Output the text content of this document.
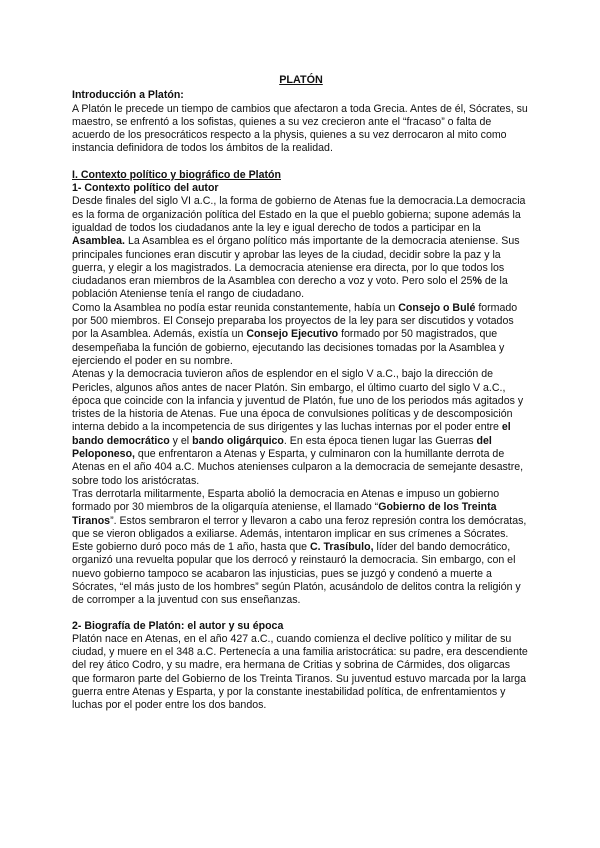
PLATÓN
Introducción a Platón:

A Platón le precede un tiempo de cambios que afectaron a toda Grecia. Antes de él, Sócrates, su maestro, se enfrentó a los sofistas, quienes a su vez crecieron ante el “fracaso” o falta de acuerdo de los presocráticos respecto a la physis, quienes a su vez derrocaron al mito como instancia definidora de todos los ámbitos de la realidad.

I. Contexto político y biográfico de Platón
1- Contexto político del autor

Desde finales del siglo VI a.C., la forma de gobierno de Atenas fue la democracia.La democracia es la forma de organización política del Estado en la que el pueblo gobierna; supone además la igualdad de todos los ciudadanos ante la ley e igual derecho de todos a participar en la Asamblea. La Asamblea es el órgano político más importante de la democracia ateniense. Sus principales funciones eran discutir y aprobar las leyes de la ciudad, decidir sobre la paz y la guerra, y elegir a los magistrados. La democracia ateniense era directa, por lo que todos los ciudadanos eran miembros de la Asamblea con derecho a voz y voto. Pero solo el 25% de la población Ateniense tenía el rango de ciudadano.

Como la Asamblea no podía estar reunida constantemente, había un Consejo o Bulé formado por 500 miembros. El Consejo preparaba los proyectos de la ley para ser discutidos y votados por la Asamblea. Además, existía un Consejo Ejecutivo formado por 50 magistrados, que desempeñaba la función de gobierno, ejecutando las decisiones tomadas por la Asamblea y ejerciendo el poder en su nombre.

Atenas y la democracia tuvieron años de esplendor en el siglo V a.C., bajo la dirección de Pericles, algunos años antes de nacer Platón. Sin embargo, el último cuarto del siglo V a.C., época que coincide con la infancia y juventud de Platón, fue uno de los periodos más agitados y tristes de la historia de Atenas. Fue una época de convulsiones políticas y de descomposición interna debido a la incompetencia de sus dirigentes y las luchas internas por el poder entre el bando democrático y el bando oligárquico. En esta época tienen lugar las Guerras del Peloponeso, que enfrentaron a Atenas y Esparta, y culminaron con la humillante derrota de Atenas en el año 404 a.C. Muchos atenienses culparon a la democracia de semejante desastre, sobre todo los aristócratas.

Tras derrotarla militarmente, Esparta abolió la democracia en Atenas e impuso un gobierno formado por 30 miembros de la oligarquía ateniense, el llamado “Gobierno de los Treinta Tiranos”. Estos sembraron el terror y llevaron a cabo una feroz represión contra los demócratas, que se vieron obligados a exiliarse. Además, intentaron implicar en sus crímenes a Sócrates. Este gobierno duró poco más de 1 año, hasta que C. Trasíbulo, líder del bando democrático, organizó una revuelta popular que los derrocó y reinstauró la democracia. Sin embargo, con el nuevo gobierno tampoco se acabaron las injusticias, pues se juzgó y condenó a muerte a Sócrates, “el más justo de los hombres” según Platón, acusándolo de delitos contra la religión y de corromper a la juventud con sus enseñanzas.

2- Biografía de Platón: el autor y su época

Platón nace en Atenas, en el año 427 a.C., cuando comienza el declive político y militar de su ciudad, y muere en el 348 a.C. Pertenecía a una familia aristocrática: su padre, era descendiente del rey ático Codro, y su madre, era hermana de Critias y sobrina de Cármides, dos oligarcas que formaron parte del Gobierno de los Treinta Tiranos. Su juventud estuvo marcada por la larga guerra entre Atenas y Esparta, y por la constante inestabilidad política, de enfrentamientos y luchas por el poder entre los dos bandos.
